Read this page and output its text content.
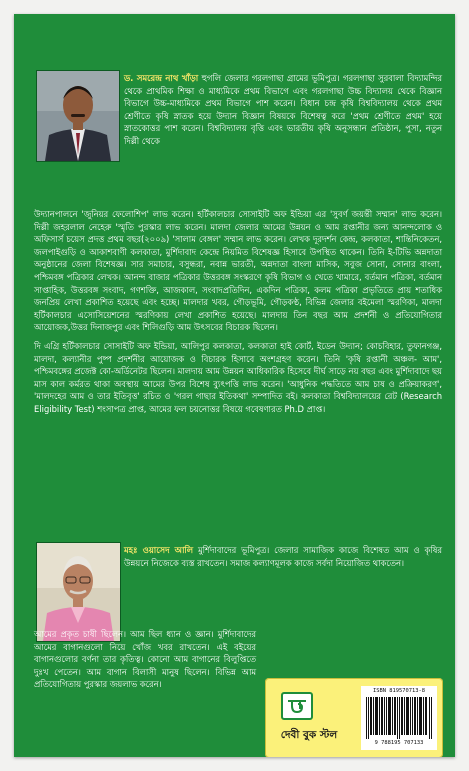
ড. সমরেন্দ্র নাথ খাঁড়া হুগলি জেলার গরলগাছা গ্রামের ভূমিপুত্র। গরলগাছা সুরবালা বিদ্যামন্দির থেকে প্রাথমিক শিক্ষা ও মাধ্যমিকে প্রথম বিভাগে এবং গরলগাছা উচ্চ বিদ্যালয় থেকে বিজ্ঞান বিভাগে উচ্চ-মাধ্যমিকে প্রথম বিভাগে পাশ করেন। বিধান চন্দ্র কৃষি বিশ্ববিদ্যালয় থেকে প্রথম শ্রেণীতে কৃষি স্নাতক হয়ে উদ্যান বিজ্ঞান বিষয়কে বিশেষত্ব করে 'প্রথম শ্রেণীতে প্রথম' হয়ে স্নাতকোত্তর পাশ করেন। বিশ্ববিদ্যালয় বৃত্তি এবং ভারতীয় কৃষি অনুসন্ধান প্রতিষ্ঠান, পুসা, নতুন দিল্লী থেকে

উদ্যানপালনে 'জুনিয়র ফেলোশিপ' লাভ করেন। হর্টিকালচার সোসাইটি অফ ইন্ডিয়া এর 'সুবর্ণ জয়ন্তী সম্মান' লাভ করেন। দিল্লী জহরলাল নেহেরু 'স্মৃতি পুরস্কার লাভ করেন। মালদা জেলার আমের উন্নয়ন ও আম রপ্তানীর জন্য আনন্দলোক ও অফিসার্স চয়েস প্রদত্ত প্রথম বছর(২০০৯) 'সালাম বেঙ্গল' সম্মান লাভ করেন। লেখক দূরদর্শন কেন্দ্র, কলকাতা, শান্তিনিকেতন, জলপাইগুড়ি ও আকাশবাণী কলকাতা, মুর্শিদাবাদ কেন্দ্রে নিয়মিত বিশেষজ্ঞ হিসাবে উপস্থিত থাকেন। তিনি ই-টিভি অন্নদাতা অনুষ্ঠানের জেলা বিশেষজ্ঞ। সার সমাচার, বসুন্ধরা, নবান্ন ভারতী, অন্নদাতা বাংলা মাসিক, সবুজ সোনা, সোনার বাংলা, পশ্চিমবঙ্গ পত্রিকার লেখক। আনন্দ বাজার পত্রিকার উত্তরবঙ্গ সংস্করণে কৃষি বিভাগ ও খেতে খামারে, বর্তমান পত্রিকা, বর্তমান সাপ্তাহিক, উত্তরবঙ্গ সংবাদ, গণশক্তি, আজকাল, সংবাদপ্রতিদিন, একদিন পত্রিকা, কলম পত্রিকা প্রভৃতিতে প্রায় শতাধিক জনপ্রিয় লেখা প্রকাশিত হয়েছে এবং হচ্ছে। মালদার খবর, গৌড়ভূমি, গৌড়কণ্ঠ, বিভিন্ন জেলার বইমেলা স্মরণিকা, মালদা হর্টিকালচার এসোসিয়েশনের স্মরণিকায় লেখা প্রকাশিত হয়েছে। মালদায় তিন বছর আম প্রদর্শনী ও প্রতিযোগিতার আয়োজক,উত্তর দিনাজপুর এবং শিলিগুড়ি আম উৎসবের বিচারক ছিলেন।

দি এগ্রি হর্টিকালচার সোসাইটি অফ ইন্ডিয়া, আলিপুর কলকাতা, কলকাতা হাই কোর্ট, ইডেন উদ্যান; কোচবিহার, তুফানগঞ্জ, মালদা, কল্যানীর পুষ্প প্রদর্শনীর আয়োজক ও বিচারক হিসাবে অংশগ্রহণ করেন। তিনি 'কৃষি রপ্তানী অঞ্চল- আম', পশ্চিমবঙ্গের প্রজেক্ট কো-অর্ডিনেটর ছিলেন। মালদায় আম উন্নয়ন আধিকারিক হিসেবে দীর্ঘ সাড়ে নয় বছর এবং মুর্শিদাবাদে ছয় মাস কাল কর্মরত থাকা অবস্থায় আমের উপর বিশেষ ব্যুৎপত্তি লাভ করেন। 'আধুনিক পদ্ধতিতে আম চাষ ও প্রক্রিয়াকরণ', 'মালদহের আম ও তার ইতিবৃত্ত' রচিত ও 'গরল গাছার ইতিকথা' সম্পাদিত বই। কলকাতা বিশ্ববিদ্যালয়ের রেট (Research Eligibility Test) শংসাপত্র প্রাপ্ত, আমের ফল চয়নোত্তর বিষয়ে গবেষণারত Ph.D প্রাপ্ত।

মহঃ ওয়াসেদ আলি মুর্শিদাবাদের ভূমিপুত্র। জেলার সামাজিক কাজে বিশেষত আম ও কৃষির উন্নয়নে নিজেকে ব্যস্ত রাখতেন। সমাজ কল্যাণমূলক কাজে সর্বদা নিয়োজিত থাকতেন।

আমের প্রকৃত চাষী ছিলেন। আম ছিল ধ্যান ও জ্ঞান। মুর্শিদাবাদের আমের বাগানগুলো নিয়ে খোঁজ খবর রাখতেন। এই বইয়ের বাগানগুলোর বর্ণনা তার কৃতিত্ব। কোনো আম বাগানের বিলুপ্তিতে দুঃখ পেতেন। আম বাগান বিলাসী মানুষ ছিলেন। বিভিন্ন আম প্রতিযোগিতায় পুরস্কার জয়লাভ করেন।

দেবী বুক স্টল
ISBN 819570713-8
9 788195 707133
